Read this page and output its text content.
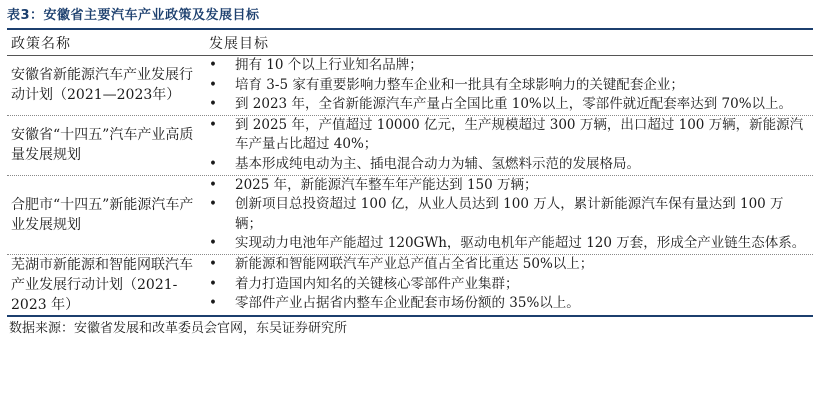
表3：安徽省主要汽车产业政策及发展目标
政策名称	发展目标
安徽省新能源汽车产业发展行动计划（2021—2023年）
•	拥有 10 个以上行业知名品牌；
•	培育 3-5 家有重要影响力整车企业和一批具有全球影响力的关键配套企业；
•	到 2023 年，全省新能源汽车产量占全国比重 10%以上，零部件就近配套率达到 70%以上。
安徽省“十四五”汽车产业高质量发展规划
•	到 2025 年，产值超过 10000 亿元，生产规模超过 300 万辆，出口超过 100 万辆，新能源汽车产量占比超过 40%；
•	基本形成纯电动为主、插电混合动力为辅、氢燃料示范的发展格局。
合肥市“十四五”新能源汽车产业发展规划
•	2025 年，新能源汽车整车年产能达到 150 万辆；
•	创新项目总投资超过 100 亿，从业人员达到 100 万人，累计新能源汽车保有量达到 100 万辆；
•	实现动力电池年产能超过 120GWh，驱动电机年产能超过 120 万套，形成全产业链生态体系。
芜湖市新能源和智能网联汽车产业发展行动计划（2021-2023 年）
•	新能源和智能网联汽车产业总产值占全省比重达 50%以上；
•	着力打造国内知名的关键核心零部件产业集群；
•	零部件产业占据省内整车企业配套市场份额的 35%以上。
数据来源：安徽省发展和改革委员会官网，东吴证券研究所
